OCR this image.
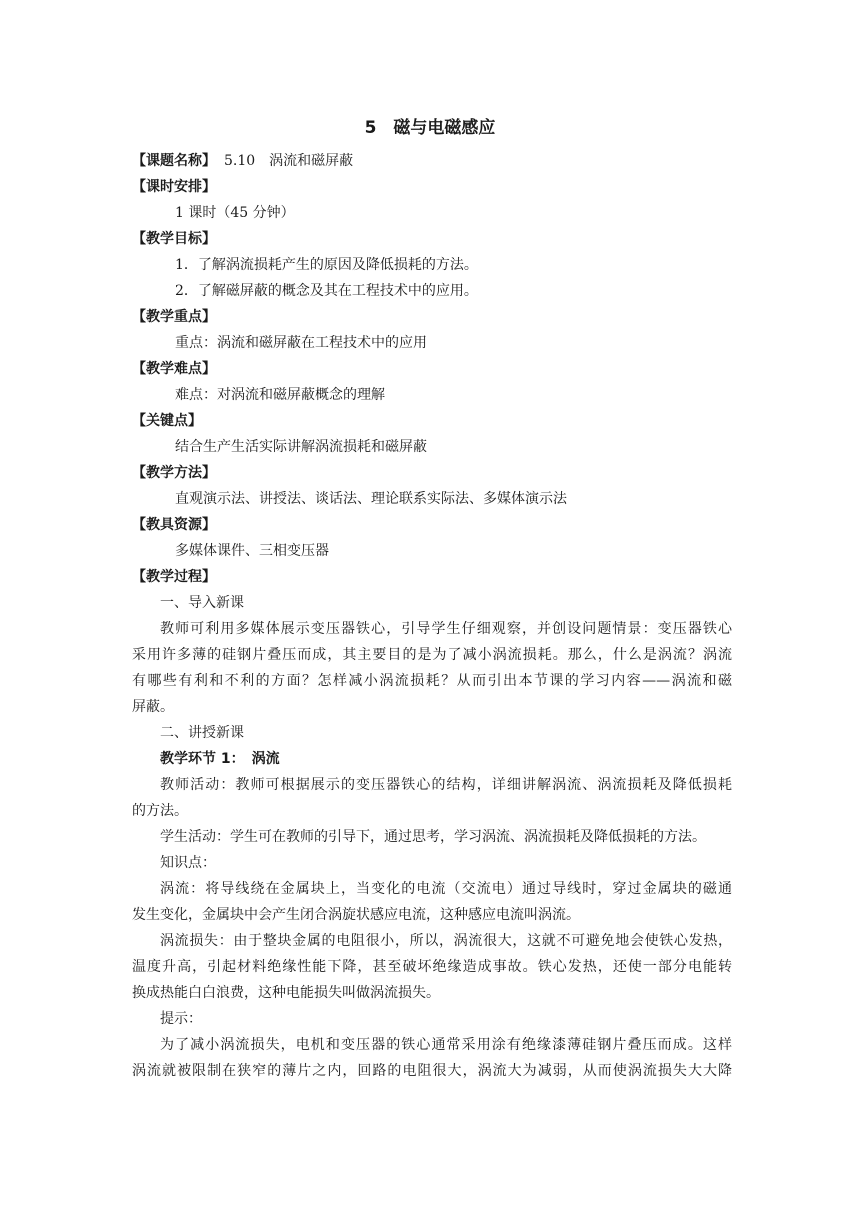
5　磁与电磁感应

【课题名称】 5.10　涡流和磁屏蔽

【课时安排】

1 课时（45 分钟）

【教学目标】

1．了解涡流损耗产生的原因及降低损耗的方法。

2．了解磁屏蔽的概念及其在工程技术中的应用。

【教学重点】

重点：涡流和磁屏蔽在工程技术中的应用

【教学难点】

难点：对涡流和磁屏蔽概念的理解

【关键点】

结合生产生活实际讲解涡流损耗和磁屏蔽

【教学方法】

直观演示法、讲授法、谈话法、理论联系实际法、多媒体演示法

【教具资源】

多媒体课件、三相变压器

【教学过程】

一、导入新课

教师可利用多媒体展示变压器铁心，引导学生仔细观察，并创设问题情景：变压器铁心

采用许多薄的硅钢片叠压而成，其主要目的是为了减小涡流损耗。那么，什么是涡流？涡流

有哪些有利和不利的方面？怎样减小涡流损耗？从而引出本节课的学习内容——涡流和磁

屏蔽。

二、讲授新课

教学环节 1：　涡流

教师活动：教师可根据展示的变压器铁心的结构，详细讲解涡流、涡流损耗及降低损耗

的方法。

学生活动：学生可在教师的引导下，通过思考，学习涡流、涡流损耗及降低损耗的方法。

知识点：

涡流：将导线绕在金属块上，当变化的电流（交流电）通过导线时，穿过金属块的磁通

发生变化，金属块中会产生闭合涡旋状感应电流，这种感应电流叫涡流。

涡流损失：由于整块金属的电阻很小，所以，涡流很大，这就不可避免地会使铁心发热，

温度升高，引起材料绝缘性能下降，甚至破坏绝缘造成事故。铁心发热，还使一部分电能转

换成热能白白浪费，这种电能损失叫做涡流损失。

提示：

为了减小涡流损失，电机和变压器的铁心通常采用涂有绝缘漆薄硅钢片叠压而成。这样

涡流就被限制在狭窄的薄片之内，回路的电阻很大，涡流大为减弱，从而使涡流损失大大降
